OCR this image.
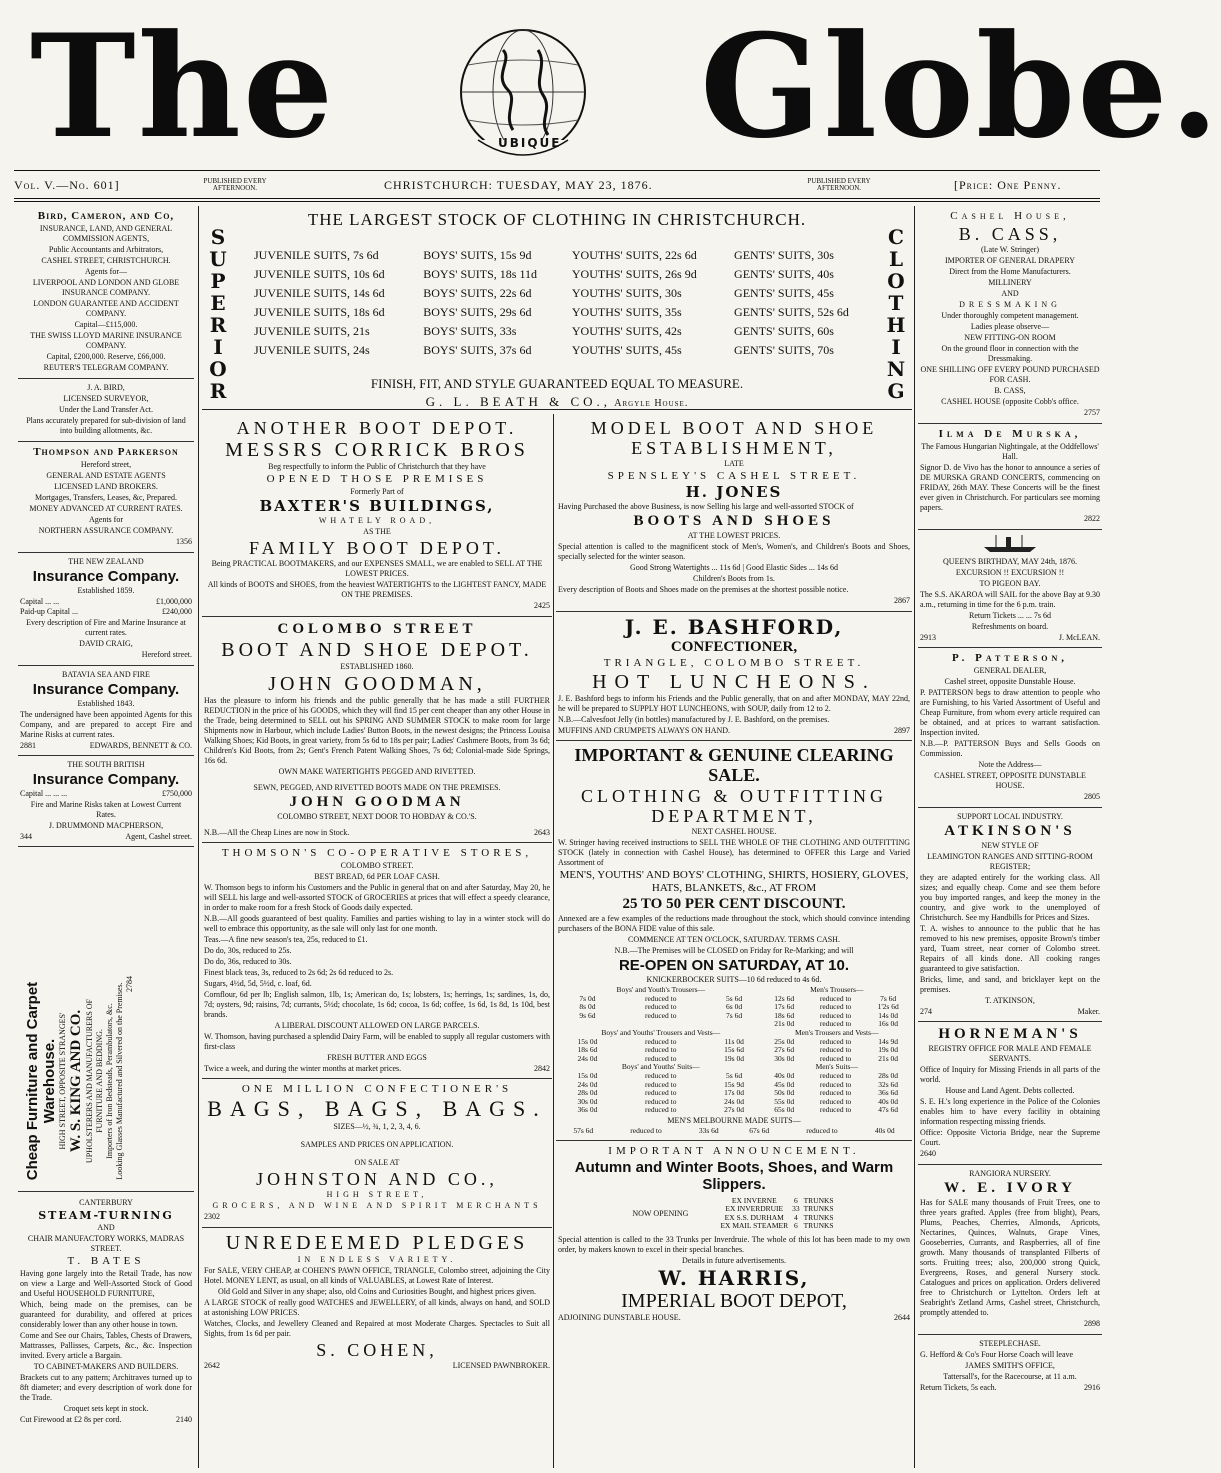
The	UBIQUE Globe.
Vol. V.—No. 601]	PUBLISHED EVERY AFTERNOON.	CHRISTCHURCH: TUESDAY, MAY 23, 1876.	PUBLISHED EVERY AFTERNOON.	[Price: One Penny.

Bird, Cameron, and Co,

INSURANCE, LAND, AND GENERAL COMMISSION AGENTS,

Public Accountants and Arbitrators,

CASHEL STREET, CHRISTCHURCH.

Agents for—

LIVERPOOL AND LONDON AND GLOBE INSURANCE COMPANY.

LONDON GUARANTEE AND ACCIDENT COMPANY.

Capital—£115,000.

THE SWISS LLOYD MARINE INSURANCE COMPANY.

Capital, £200,000. Reserve, £66,000.

REUTER'S TELEGRAM COMPANY.

J. A. BIRD,

LICENSED SURVEYOR,

Under the Land Transfer Act.

Plans accurately prepared for sub-division of land into building allotments, &c.

Thompson and Parkerson

Hereford street,

GENERAL AND ESTATE AGENTS

LICENSED LAND BROKERS.

Mortgages, Transfers, Leases, &c, Prepared.

MONEY ADVANCED AT CURRENT RATES.

Agents for

NORTHERN ASSURANCE COMPANY.

1356

THE NEW ZEALAND

Insurance Company.

Established 1859.

Capital ... ...	£1,000,000
Paid-up Capital ...	£240,000

Every description of Fire and Marine Insurance at current rates.

DAVID CRAIG,

Hereford street.

BATAVIA SEA AND FIRE

Insurance Company.

Established 1843.

The undersigned have been appointed Agents for this Company, and are prepared to accept Fire and Marine Risks at current rates.

2881	EDWARDS, BENNETT & CO.

THE SOUTH BRITISH

Insurance Company.

Capital ... ... ...	£750,000

Fire and Marine Risks taken at Lowest Current Rates.

J. DRUMMOND MACPHERSON,

344	Agent, Cashel street.

Cheap Furniture and Carpet Warehouse. HIGH STREET, OPPOSITE STRANGES' W. S. KING AND CO. UPHOLSTERERS AND MANUFACTURERS OF FURNITURE AND BEDDING. Importers of Iron Bedsteads, Perambulators, &c. Looking Glasses Manufactured and Silvered on the Premises. 2784

CANTERBURY

STEAM-TURNING

AND

CHAIR MANUFACTORY WORKS, MADRAS STREET.

T. BATES

Having gone largely into the Retail Trade, has now on view a Large and Well-Assorted Stock of Good and Useful HOUSEHOLD FURNITURE,

Which, being made on the premises, can be guaranteed for durability, and offered at prices considerably lower than any other house in town.

Come and See our Chairs, Tables, Chests of Drawers, Mattrasses, Pallisses, Carpets, &c., &c. Inspection invited. Every article a Bargain.

TO CABINET-MAKERS AND BUILDERS.

Brackets cut to any pattern; Architraves turned up to 8ft diameter; and every description of work done for the Trade.

Croquet sets kept in stock.

Cut Firewood at £2 8s per cord.	2140
THE LARGEST STOCK OF CLOTHING IN CHRISTCHURCH.
S
U
P
E
R
I
O
R
C
L
O
T
H
I
N
G
JUVENILE SUITS, 7s 6d	BOYS' SUITS, 15s 9d	YOUTHS' SUITS, 22s 6d	GENTS' SUITS, 30s
JUVENILE SUITS, 10s 6d	BOYS' SUITS, 18s 11d	YOUTHS' SUITS, 26s 9d	GENTS' SUITS, 40s
JUVENILE SUITS, 14s 6d	BOYS' SUITS, 22s 6d	YOUTHS' SUITS, 30s	GENTS' SUITS, 45s
JUVENILE SUITS, 18s 6d	BOYS' SUITS, 29s 6d	YOUTHS' SUITS, 35s	GENTS' SUITS, 52s 6d
JUVENILE SUITS, 21s	BOYS' SUITS, 33s	YOUTHS' SUITS, 42s	GENTS' SUITS, 60s
JUVENILE SUITS, 24s	BOYS' SUITS, 37s 6d	YOUTHS' SUITS, 45s	GENTS' SUITS, 70s
FINISH, FIT, AND STYLE GUARANTEED EQUAL TO MEASURE.
G. L. BEATH & CO., Argyle House.

ANOTHER BOOT DEPOT.

MESSRS CORRICK BROS

Beg respectfully to inform the Public of Christchurch that they have

OPENED THOSE PREMISES

Formerly Part of

BAXTER'S BUILDINGS,

WHATELY ROAD,

AS THE

FAMILY BOOT DEPOT.

Being PRACTICAL BOOTMAKERS, and our EXPENSES SMALL, we are enabled to SELL AT THE LOWEST PRICES.

All kinds of BOOTS and SHOES, from the heaviest WATERTIGHTS to the LIGHTEST FANCY, MADE ON THE PREMISES.

2425

COLOMBO STREET

BOOT AND SHOE DEPOT.

ESTABLISHED 1860.

JOHN GOODMAN,

Has the pleasure to inform his friends and the public generally that he has made a still FURTHER REDUCTION in the price of his GOODS, which they will find 15 per cent cheaper than any other House in the Trade, being determined to SELL out his SPRING AND SUMMER STOCK to make room for large Shipments now in Harbour, which include Ladies' Button Boots, in the newest designs; the Princess Louisa Walking Shoes; Kid Boots, in great variety, from 5s 6d to 18s per pair; Ladies' Cashmere Boots, from 3s 6d; Children's Kid Boots, from 2s; Gent's French Patent Walking Shoes, 7s 6d; Colonial-made Side Springs, 16s 6d.

OWN MAKE WATERTIGHTS PEGGED AND RIVETTED.

SEWN, PEGGED, AND RIVETTED BOOTS MADE ON THE PREMISES.

JOHN GOODMAN

COLOMBO STREET, NEXT DOOR TO HOBDAY & CO.'S.

N.B.—All the Cheap Lines are now in Stock.	2643

THOMSON'S CO-OPERATIVE STORES,

COLOMBO STREET.

BEST BREAD, 6d PER LOAF CASH.

W. Thomson begs to inform his Customers and the Public in general that on and after Saturday, May 20, he will SELL his large and well-assorted STOCK of GROCERIES at prices that will effect a speedy clearance, in order to make room for a fresh Stock of Goods daily expected.

N.B.—All goods guaranteed of best quality. Families and parties wishing to lay in a winter stock will do well to embrace this opportunity, as the sale will only last for one month.

Teas.—A fine new season's tea, 25s, reduced to £1.

Do do, 30s, reduced to 25s.

Do do, 36s, reduced to 30s.

Finest black teas, 3s, reduced to 2s 6d; 2s 6d reduced to 2s.

Sugars, 4½d, 5d, 5½d, c. loaf, 6d.

Cornflour, 6d per lb; English salmon, 1lb, 1s; American do, 1s; lobsters, 1s; herrings, 1s; sardines, 1s, do, 7d; oysters, 9d; raisins, 7d; currants, 5½d; chocolate, 1s 6d; cocoa, 1s 6d; coffee, 1s 6d, 1s 8d, 1s 10d, best brands.

A LIBERAL DISCOUNT ALLOWED ON LARGE PARCELS.

W. Thomson, having purchased a splendid Dairy Farm, will be enabled to supply all regular customers with first-class

FRESH BUTTER AND EGGS

Twice a week, and during the winter months at market prices.	2842

ONE MILLION CONFECTIONER'S

BAGS, BAGS, BAGS.

SIZES—½, ¾, 1, 2, 3, 4, 6.

SAMPLES AND PRICES ON APPLICATION.

ON SALE AT

JOHNSTON AND CO.,

HIGH STREET,

GROCERS, AND WINE AND SPIRIT MERCHANTS

2302

UNREDEEMED PLEDGES

IN ENDLESS VARIETY.

For SALE, VERY CHEAP, at COHEN'S PAWN OFFICE, TRIANGLE, Colombo street, adjoining the City Hotel. MONEY LENT, as usual, on all kinds of VALUABLES, at Lowest Rate of Interest.

Old Gold and Silver in any shape; also, old Coins and Curiosities Bought, and highest prices given.

A LARGE STOCK of really good WATCHES and JEWELLERY, of all kinds, always on hand, and SOLD at astonishing LOW PRICES.

Watches, Clocks, and Jewellery Cleaned and Repaired at most Moderate Charges. Spectacles to Suit all Sights, from 1s 6d per pair.

S. COHEN,

2642	LICENSED PAWNBROKER.

MODEL BOOT AND SHOE ESTABLISHMENT,

LATE

SPENSLEY'S CASHEL STREET.

H. JONES

Having Purchased the above Business, is now Selling his large and well-assorted STOCK of

BOOTS AND SHOES

AT THE LOWEST PRICES.

Special attention is called to the magnificent stock of Men's, Women's, and Children's Boots and Shoes, specially selected for the winter season.

Good Strong Watertights ... 11s 6d | Good Elastic Sides ... 14s 6d

Children's Boots from 1s.

Every description of Boots and Shoes made on the premises at the shortest possible notice.

2867

J. E. BASHFORD,

CONFECTIONER,

TRIANGLE, COLOMBO STREET.

HOT LUNCHEONS.

J. E. Bashford begs to inform his Friends and the Public generally, that on and after MONDAY, MAY 22nd, he will be prepared to SUPPLY HOT LUNCHEONS, with SOUP, daily from 12 to 2.

N.B.—Calvesfoot Jelly (in bottles) manufactured by J. E. Bashford, on the premises.

MUFFINS AND CRUMPETS ALWAYS ON HAND.	2897

IMPORTANT & GENUINE CLEARING SALE.

CLOTHING & OUTFITTING DEPARTMENT,

NEXT CASHEL HOUSE.

W. Stringer having received instructions to SELL THE WHOLE OF THE CLOTHING AND OUTFITTING STOCK (lately in connection with Cashel House), has determined to OFFER this Large and Varied Assortment of

MEN'S, YOUTHS' AND BOYS' CLOTHING, SHIRTS, HOSIERY, GLOVES, HATS, BLANKETS, &c., AT FROM

25 TO 50 PER CENT DISCOUNT.

Annexed are a few examples of the reductions made throughout the stock, which should convince intending purchasers of the BONA FIDE value of this sale.

COMMENCE AT TEN O'CLOCK, SATURDAY. TERMS CASH.

N.B.—The Premises will be CLOSED on Friday for Re-Marking; and will

RE-OPEN ON SATURDAY, AT 10.

KNICKERBOCKER SUITS—10 6d reduced to 4s 6d.

Boys' and Youth's Trousers—			Men's Trousers—		
7s 0d	reduced to	5s 6d	12s 6d	reduced to	7s 6d
8s 0d	reduced to	6s 0d	17s 6d	reduced to	1'2s 6d
9s 6d	reduced to	7s 6d	18s 6d	reduced to	14s 0d
			21s 0d	reduced to	16s 0d
Boys' and Youths' Trousers and Vests—			Men's Trousers and Vests—		
15s 0d	reduced to	11s 0d	25s 0d	reduced to	14s 9d
18s 6d	reduced to	15s 6d	27s 6d	reduced to	19s 0d
24s 0d	reduced to	19s 0d	30s 0d	reduced to	21s 0d
Boys' and Youths' Suits—			Men's Suits—		
15s 0d	reduced to	5s 6d	40s 0d	reduced to	28s 0d
24s 0d	reduced to	15s 9d	45s 0d	reduced to	32s 6d
28s 0d	reduced to	17s 0d	50s 0d	reduced to	36s 6d
30s 0d	reduced to	24s 0d	55s 0d	reduced to	40s 0d
36s 0d	reduced to	27s 0d	65s 0d	reduced to	47s 6d

MEN'S MELBOURNE MADE SUITS—

57s 6d	reduced to	33s 6d	67s 6d	reduced to	40s 0d

IMPORTANT ANNOUNCEMENT.

Autumn and Winter Boots, Shoes, and Warm Slippers.

NOW OPENING
EX INVERNE	6	TRUNKS
EX INVERDRUIE	33	TRUNKS
EX S.S. DURHAM	4	TRUNKS
EX MAIL STEAMER	6	TRUNKS

Special attention is called to the 33 Trunks per Inverdruie. The whole of this lot has been made to my own order, by makers known to excel in their special branches.

Details in future advertisements.

W. HARRIS,

IMPERIAL BOOT DEPOT,

ADJOINING DUNSTABLE HOUSE.	2644

Cashel House,

B. CASS,

(Late W. Stringer)

IMPORTER OF GENERAL DRAPERY

Direct from the Home Manufacturers.

MILLINERY

AND

DRESSMAKING

Under thoroughly competent management.

Ladies please observe—

NEW FITTING-ON ROOM

On the ground floor in connection with the Dressmaking.

ONE SHILLING OFF EVERY POUND PURCHASED FOR CASH.

B. CASS,

CASHEL HOUSE (opposite Cobb's office.

2757

Ilma De Murska,

The Famous Hungarian Nightingale, at the Oddfellows' Hall.

Signor D. de Vivo has the honor to announce a series of DE MURSKA GRAND CONCERTS, commencing on FRIDAY, 26th MAY. These Concerts will be the finest ever given in Christchurch. For particulars see morning papers.

2822

QUEEN'S BIRTHDAY, MAY 24th, 1876.

EXCURSION !! EXCURSION !!

TO PIGEON BAY.

The S.S. AKAROA will SAIL for the above Bay at 9.30 a.m., returning in time for the 6 p.m. train.

Return Tickets ... ... 7s 6d

Refreshments on board.

2913	J. McLEAN.

P. Patterson,

GENERAL DEALER,

Cashel street, opposite Dunstable House.

P. PATTERSON begs to draw attention to people who are Furnishing, to his Varied Assortment of Useful and Cheap Furniture, from whom every article required can be obtained, and at prices to warrant satisfaction. Inspection invited.

N.B.—P. PATTERSON Buys and Sells Goods on Commission.

Note the Address—

CASHEL STREET, OPPOSITE DUNSTABLE HOUSE.

2805

SUPPORT LOCAL INDUSTRY.

ATKINSON'S

NEW STYLE OF

LEAMINGTON RANGES AND SITTING-ROOM REGISTER;

they are adapted entirely for the working class. All sizes; and equally cheap. Come and see them before you buy imported ranges, and keep the money in the country, and give work to the unemployed of Christchurch. See my Handbills for Prices and Sizes.

T. A. wishes to announce to the public that he has removed to his new premises, opposite Brown's timber yard, Tuam street, near corner of Colombo street. Repairs of all kinds done. All cooking ranges guaranteed to give satisfaction.

Bricks, lime, and sand, and bricklayer kept on the premises.

T. ATKINSON,

274	Maker.

HORNEMAN'S

REGISTRY OFFICE FOR MALE AND FEMALE SERVANTS.

Office of Inquiry for Missing Friends in all parts of the world.

House and Land Agent. Debts collected.

S. E. H.'s long experience in the Police of the Colonies enables him to have every facility in obtaining information respecting missing friends.

Office: Opposite Victoria Bridge, near the Supreme Court.

2640

RANGIORA NURSERY.

W. E. IVORY

Has for SALE many thousands of Fruit Trees, one to three years grafted. Apples (free from blight), Pears, Plums, Peaches, Cherries, Almonds, Apricots, Nectarines, Quinces, Walnuts, Grape Vines, Gooseberries, Currants, and Raspberries, all of fine growth. Many thousands of transplanted Filberts of sorts. Fruiting trees; also, 200,000 strong Quick, Evergreens, Roses, and general Nursery stock. Catalogues and prices on application. Orders delivered free to Christchurch or Lyttelton. Orders left at Seabright's Zetland Arms, Cashel street, Christchurch, promptly attended to.

2898

STEEPLECHASE.

G. Hefford & Co's Four Horse Coach will leave

JAMES SMITH'S OFFICE,

Tattersall's, for the Racecourse, at 11 a.m.

Return Tickets, 5s each.	2916
